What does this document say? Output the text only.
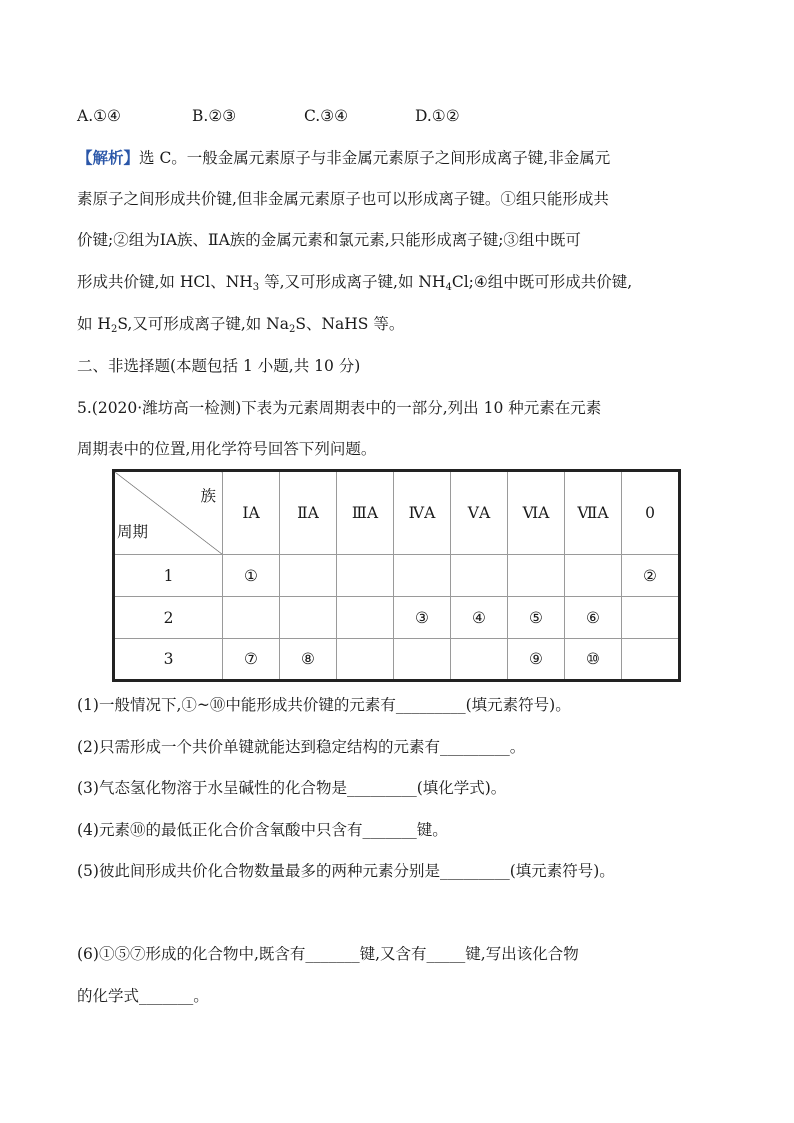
A.①④	B.②③	C.③④	D.①②
【解析】选 C。一般金属元素原子与非金属元素原子之间形成离子键,非金属元
素原子之间形成共价键,但非金属元素原子也可以形成离子键。①组只能形成共
价键;②组为ⅠA族、ⅡA族的金属元素和氯元素,只能形成离子键;③组中既可
形成共价键,如 HCl、$NH_3$ 等,又可形成离子键,如 $NH_4Cl;④$组中既可形成共价键,
如 $H_2S$,又可形成离子键,如 $Na_2S$、NaHS 等。
二、非选择题(本题包括 1 小题,共 10 分)
5.(2020·潍坊高一检测)下表为元素周期表中的一部分,列出 10 种元素在元素
周期表中的位置,用化学符号回答下列问题。
族
周期	ⅠA	ⅡA	ⅢA	ⅣA	ⅤA	ⅥA	ⅦA	0
1	①							②
2				③	④	⑤	⑥	
3	⑦	⑧				⑨	⑩	
(1)一般情况下,①~⑩中能形成共价键的元素有_________(填元素符号)。
(2)只需形成一个共价单键就能达到稳定结构的元素有_________。
(3)气态氢化物溶于水呈碱性的化合物是_________(填化学式)。
(4)元素⑩的最低正化合价含氧酸中只含有_______键。
(5)彼此间形成共价化合物数量最多的两种元素分别是_________(填元素符号)。
(6)①⑤⑦形成的化合物中,既含有_______键,又含有_____键,写出该化合物
的化学式_______。
